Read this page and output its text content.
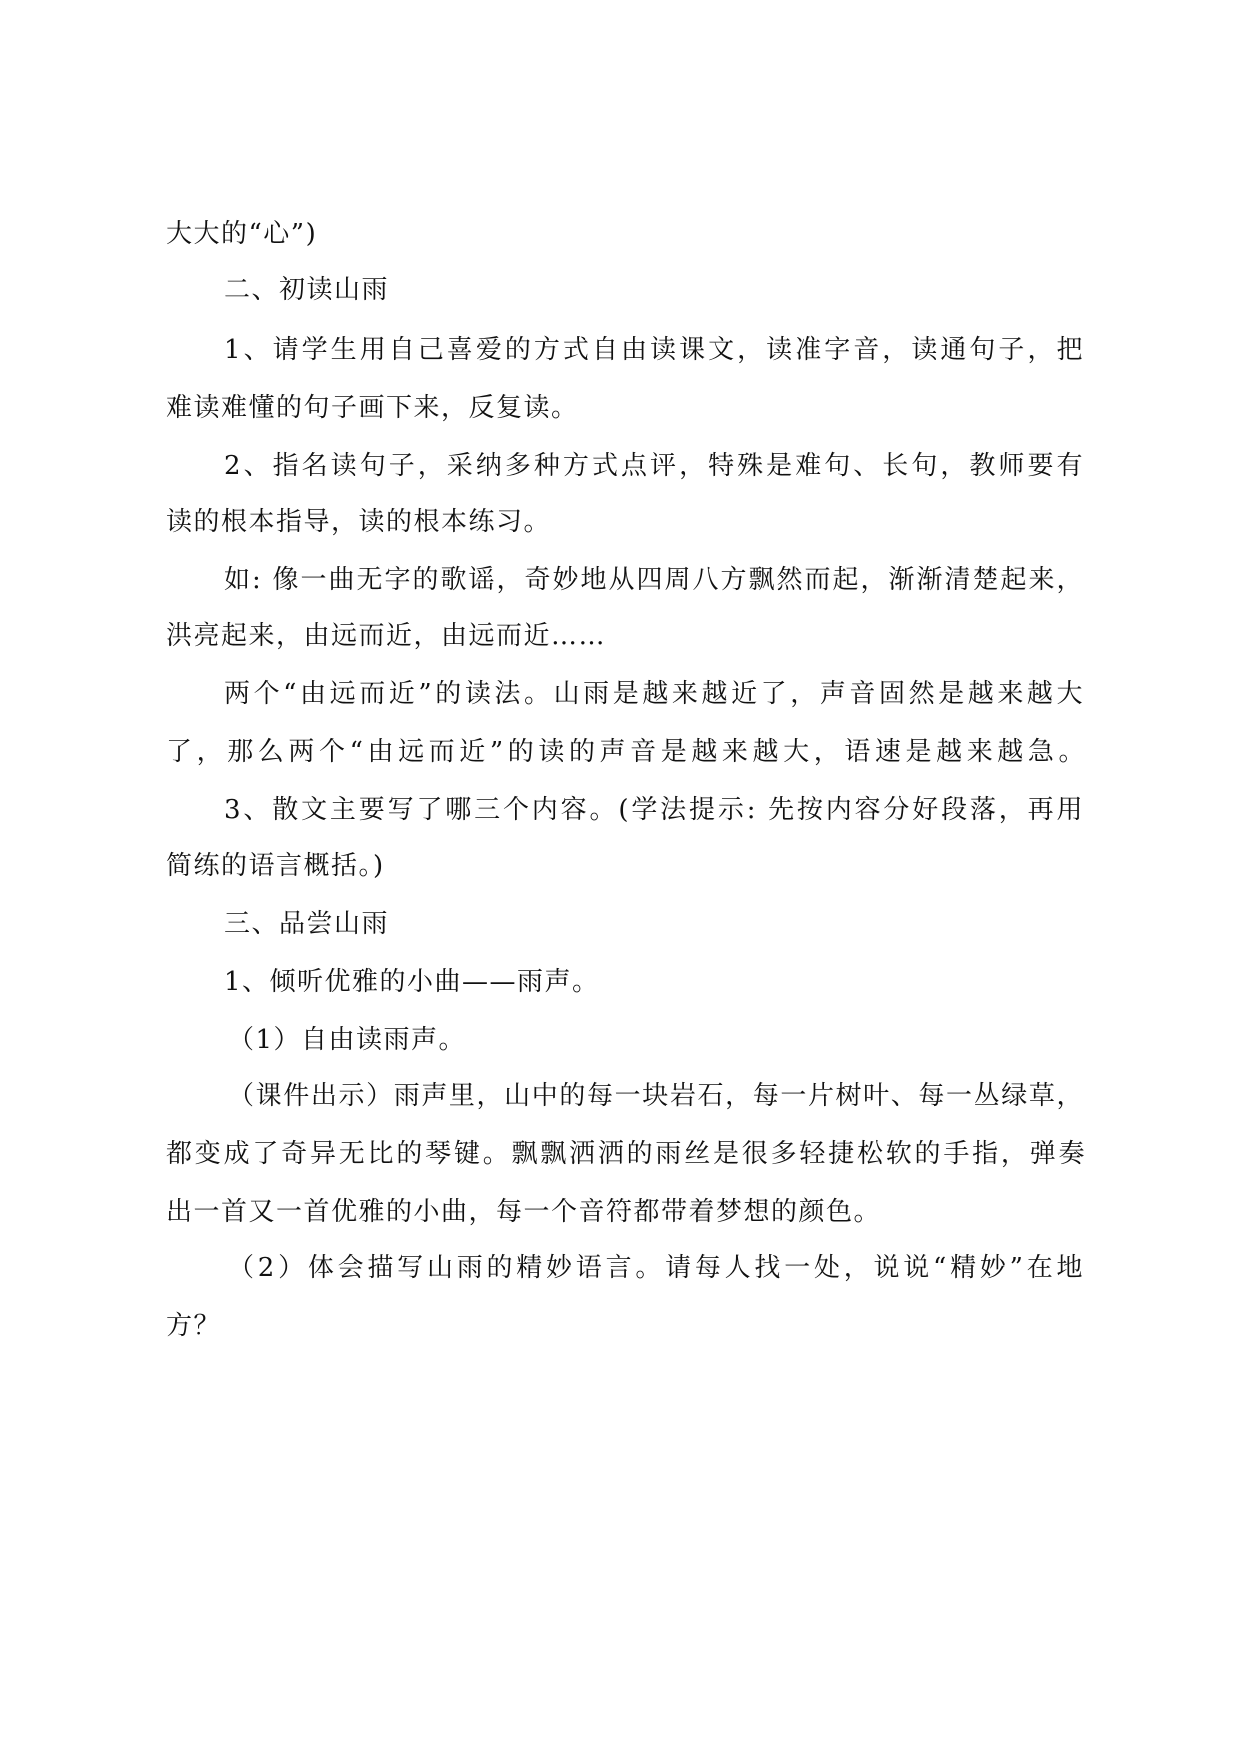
大大的“心”)
二、初读山雨
1、请学生用自己喜爱的方式自由读课文，读准字音，读通句子，把
难读难懂的句子画下来，反复读。
2、指名读句子，采纳多种方式点评，特殊是难句、长句，教师要有
读的根本指导，读的根本练习。
如: 像一曲无字的歌谣，奇妙地从四周八方飘然而起，渐渐清楚起来，
洪亮起来，由远而近，由远而近……
两个“由远而近”的读法。山雨是越来越近了，声音固然是越来越大
了，那么两个“由远而近”的读的声音是越来越大，语速是越来越急。
3、散文主要写了哪三个内容。(学法提示: 先按内容分好段落，再用
简练的语言概括。)
三、品尝山雨
1、倾听优雅的小曲——雨声。
（1）自由读雨声。
（课件出示）雨声里，山中的每一块岩石，每一片树叶、每一丛绿草，
都变成了奇异无比的琴键。飘飘洒洒的雨丝是很多轻捷松软的手指，弹奏
出一首又一首优雅的小曲，每一个音符都带着梦想的颜色。
（2）体会描写山雨的精妙语言。请每人找一处，说说“精妙”在地
方？
